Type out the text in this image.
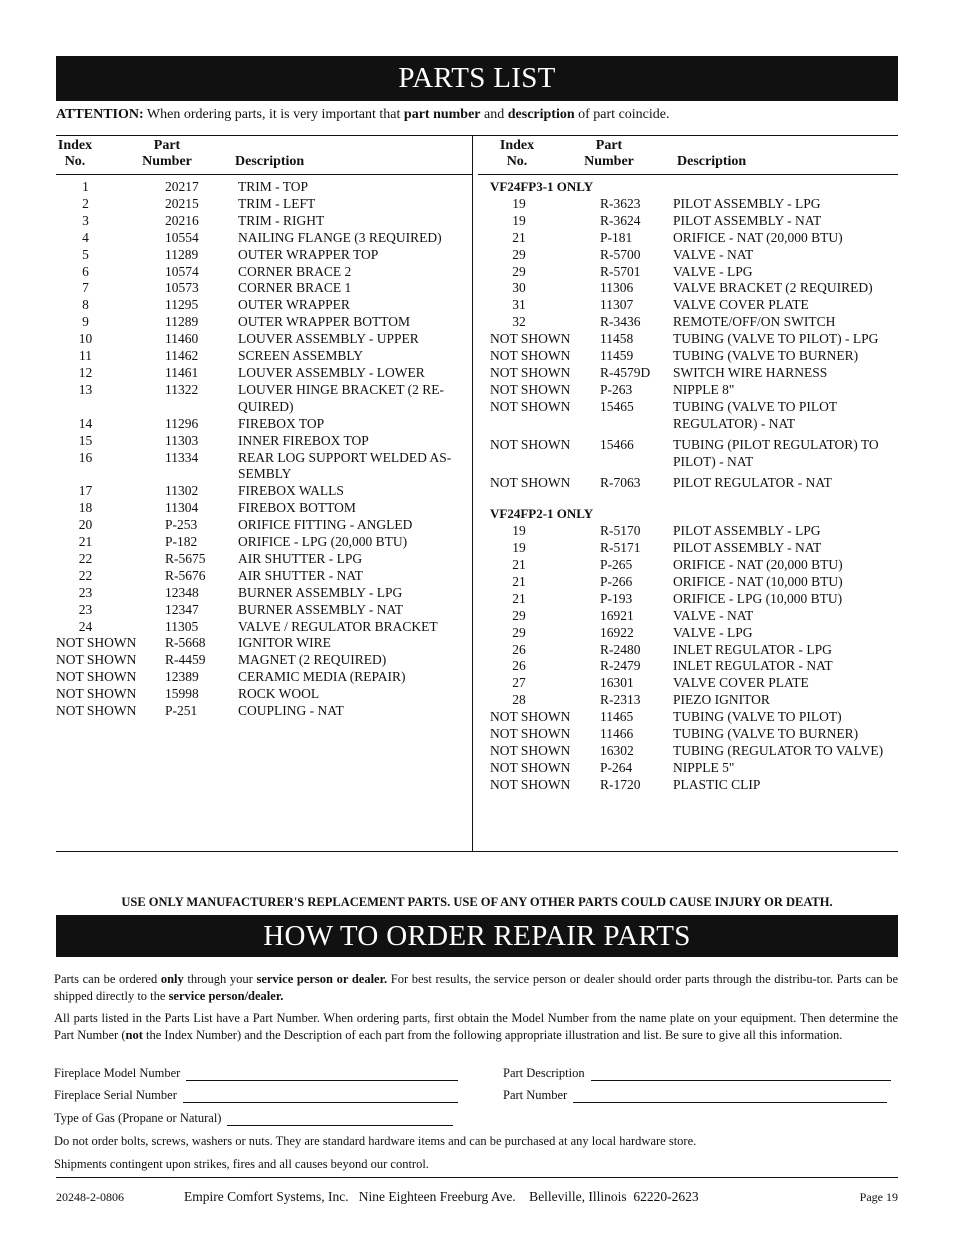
PARTS LIST
ATTENTION: When ordering parts, it is very important that part number and description of part coincide.
Index
No.
Part
Number	Description
Index
No.
Part
Number	Description
1	20217	TRIM - TOP
2	20215	TRIM - LEFT
3	20216	TRIM - RIGHT
4	10554	NAILING FLANGE (3 REQUIRED)
5	11289	OUTER WRAPPER TOP
6	10574	CORNER BRACE 2
7	10573	CORNER BRACE 1
8	11295	OUTER WRAPPER
9	11289	OUTER WRAPPER BOTTOM
10	11460	LOUVER ASSEMBLY - UPPER
11	11462	SCREEN ASSEMBLY
12	11461	LOUVER ASSEMBLY - LOWER
13	11322	LOUVER HINGE BRACKET (2 RE-
QUIRED)
14	11296	FIREBOX TOP
15	11303	INNER FIREBOX TOP
16	11334	REAR LOG SUPPORT WELDED AS-
SEMBLY
17	11302	FIREBOX WALLS
18	11304	FIREBOX BOTTOM
20	P-253	ORIFICE FITTING - ANGLED
21	P-182	ORIFICE - LPG (20,000 BTU)
22	R-5675	AIR SHUTTER - LPG
22	R-5676	AIR SHUTTER - NAT
23	12348	BURNER ASSEMBLY - LPG
23	12347	BURNER ASSEMBLY - NAT
24	11305	VALVE / REGULATOR BRACKET
NOT SHOWN	R-5668	IGNITOR WIRE
NOT SHOWN	R-4459	MAGNET (2 REQUIRED)
NOT SHOWN	12389	CERAMIC MEDIA (REPAIR)
NOT SHOWN	15998	ROCK WOOL
NOT SHOWN	P-251	COUPLING - NAT
VF24FP3-1 ONLY
19	R-3623	PILOT ASSEMBLY - LPG
19	R-3624	PILOT ASSEMBLY - NAT
21	P-181	ORIFICE - NAT (20,000 BTU)
29	R-5700	VALVE - NAT
29	R-5701	VALVE - LPG
30	11306	VALVE BRACKET (2 REQUIRED)
31	11307	VALVE COVER PLATE
32	R-3436	REMOTE/OFF/ON SWITCH
NOT SHOWN	11458	TUBING (VALVE TO PILOT) - LPG
NOT SHOWN	11459	TUBING (VALVE TO BURNER)
NOT SHOWN	R-4579D	SWITCH WIRE HARNESS
NOT SHOWN	P-263	NIPPLE 8"
NOT SHOWN	15465	TUBING (VALVE TO PILOT
REGULATOR) - NAT
NOT SHOWN	15466	TUBING (PILOT REGULATOR) TO
PILOT) - NAT
NOT SHOWN	R-7063	PILOT REGULATOR - NAT
VF24FP2-1 ONLY
19	R-5170	PILOT ASSEMBLY - LPG
19	R-5171	PILOT ASSEMBLY - NAT
21	P-265	ORIFICE - NAT (20,000 BTU)
21	P-266	ORIFICE - NAT (10,000 BTU)
21	P-193	ORIFICE - LPG (10,000 BTU)
29	16921	VALVE - NAT
29	16922	VALVE - LPG
26	R-2480	INLET REGULATOR - LPG
26	R-2479	INLET REGULATOR - NAT
27	16301	VALVE COVER PLATE
28	R-2313	PIEZO IGNITOR
NOT SHOWN	11465	TUBING (VALVE TO PILOT)
NOT SHOWN	11466	TUBING (VALVE TO BURNER)
NOT SHOWN	16302	TUBING (REGULATOR TO VALVE)
NOT SHOWN	P-264	NIPPLE 5"
NOT SHOWN	R-1720	PLASTIC CLIP
USE ONLY MANUFACTURER'S REPLACEMENT PARTS. USE OF ANY OTHER PARTS COULD CAUSE INJURY OR DEATH.
HOW TO ORDER REPAIR PARTS
Parts can be ordered only through your service person or dealer. For best results, the service person or dealer should order parts through the distribu-tor. Parts can be shipped directly to the service person/dealer.
All parts listed in the Parts List have a Part Number. When ordering parts, first obtain the Model Number from the name plate on your equipment. Then determine the Part Number (not the Index Number) and the Description of each part from the following appropriate illustration and list. Be sure to give all this information.
Fireplace Model Number
Fireplace Serial Number
Type of Gas (Propane or Natural)
Part Description
Part Number
Do not order bolts, screws, washers or nuts. They are standard hardware items and can be purchased at any local hardware store.
Shipments contingent upon strikes, fires and all causes beyond our control.
20248-2-0806	Empire Comfort Systems, Inc.   Nine Eighteen Freeburg Ave.    Belleville, Illinois  62220-2623	Page 19
